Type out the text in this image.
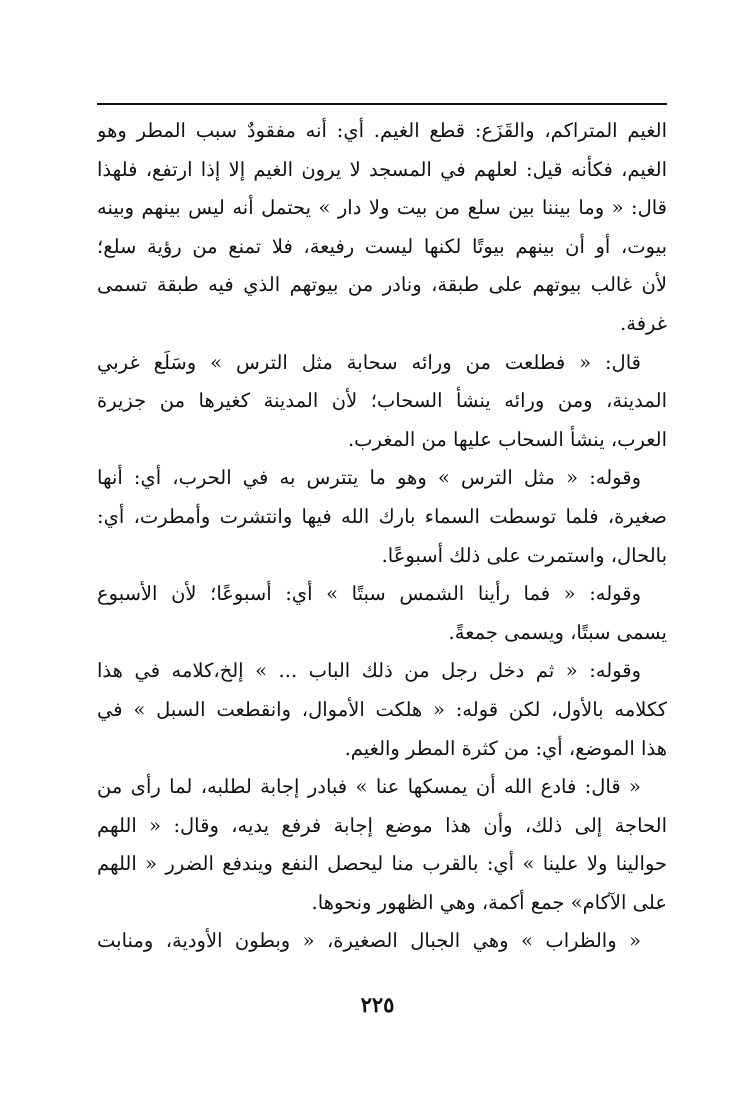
الغيم المتراكم، والقَزَع: قطع الغيم. أي: أنه مفقودٌ سبب المطر وهو
الغيم، فكأنه قيل: لعلهم في المسجد لا يرون الغيم إلا إذا ارتفع، فلهذا
قال: « وما بيننا بين سلع من بيت ولا دار » يحتمل أنه ليس بينهم وبينه
بيوت، أو أن بينهم بيوتًا لكنها ليست رفيعة، فلا تمنع من رؤية سلع؛
لأن غالب بيوتهم على طبقة، ونادر من بيوتهم الذي فيه طبقة تسمى
غرفة.
قال: « فطلعت من ورائه سحابة مثل الترس » وسَلَع غربي
المدينة، ومن ورائه ينشأ السحاب؛ لأن المدينة كغيرها من جزيرة
العرب، ينشأ السحاب عليها من المغرب.
وقوله: « مثل الترس » وهو ما يتترس به في الحرب، أي: أنها
صغيرة، فلما توسطت السماء بارك الله فيها وانتشرت وأمطرت، أي:
بالحال، واستمرت على ذلك أسبوعًا.
وقوله: « فما رأينا الشمس سبتًا » أي: أسبوعًا؛ لأن الأسبوع
يسمى سبتًا، ويسمى جمعةً.
وقوله: « ثم دخل رجل من ذلك الباب ... » إلخ،كلامه في هذا
ككلامه بالأول، لكن قوله: « هلكت الأموال، وانقطعت السبل » في
هذا الموضع، أي: من كثرة المطر والغيم.
« قال: فادع الله أن يمسكها عنا » فبادر إجابة لطلبه، لما رأى من
الحاجة إلى ذلك، وأن هذا موضع إجابة فرفع يديه، وقال: « اللهم
حوالينا ولا علينا » أي: بالقرب منا ليحصل النفع ويندفع الضرر « اللهم
على الآكام» جمع أكمة، وهي الظهور ونحوها.
« والظراب » وهي الجبال الصغيرة، « وبطون الأودية، ومنابت
٢٢٥
